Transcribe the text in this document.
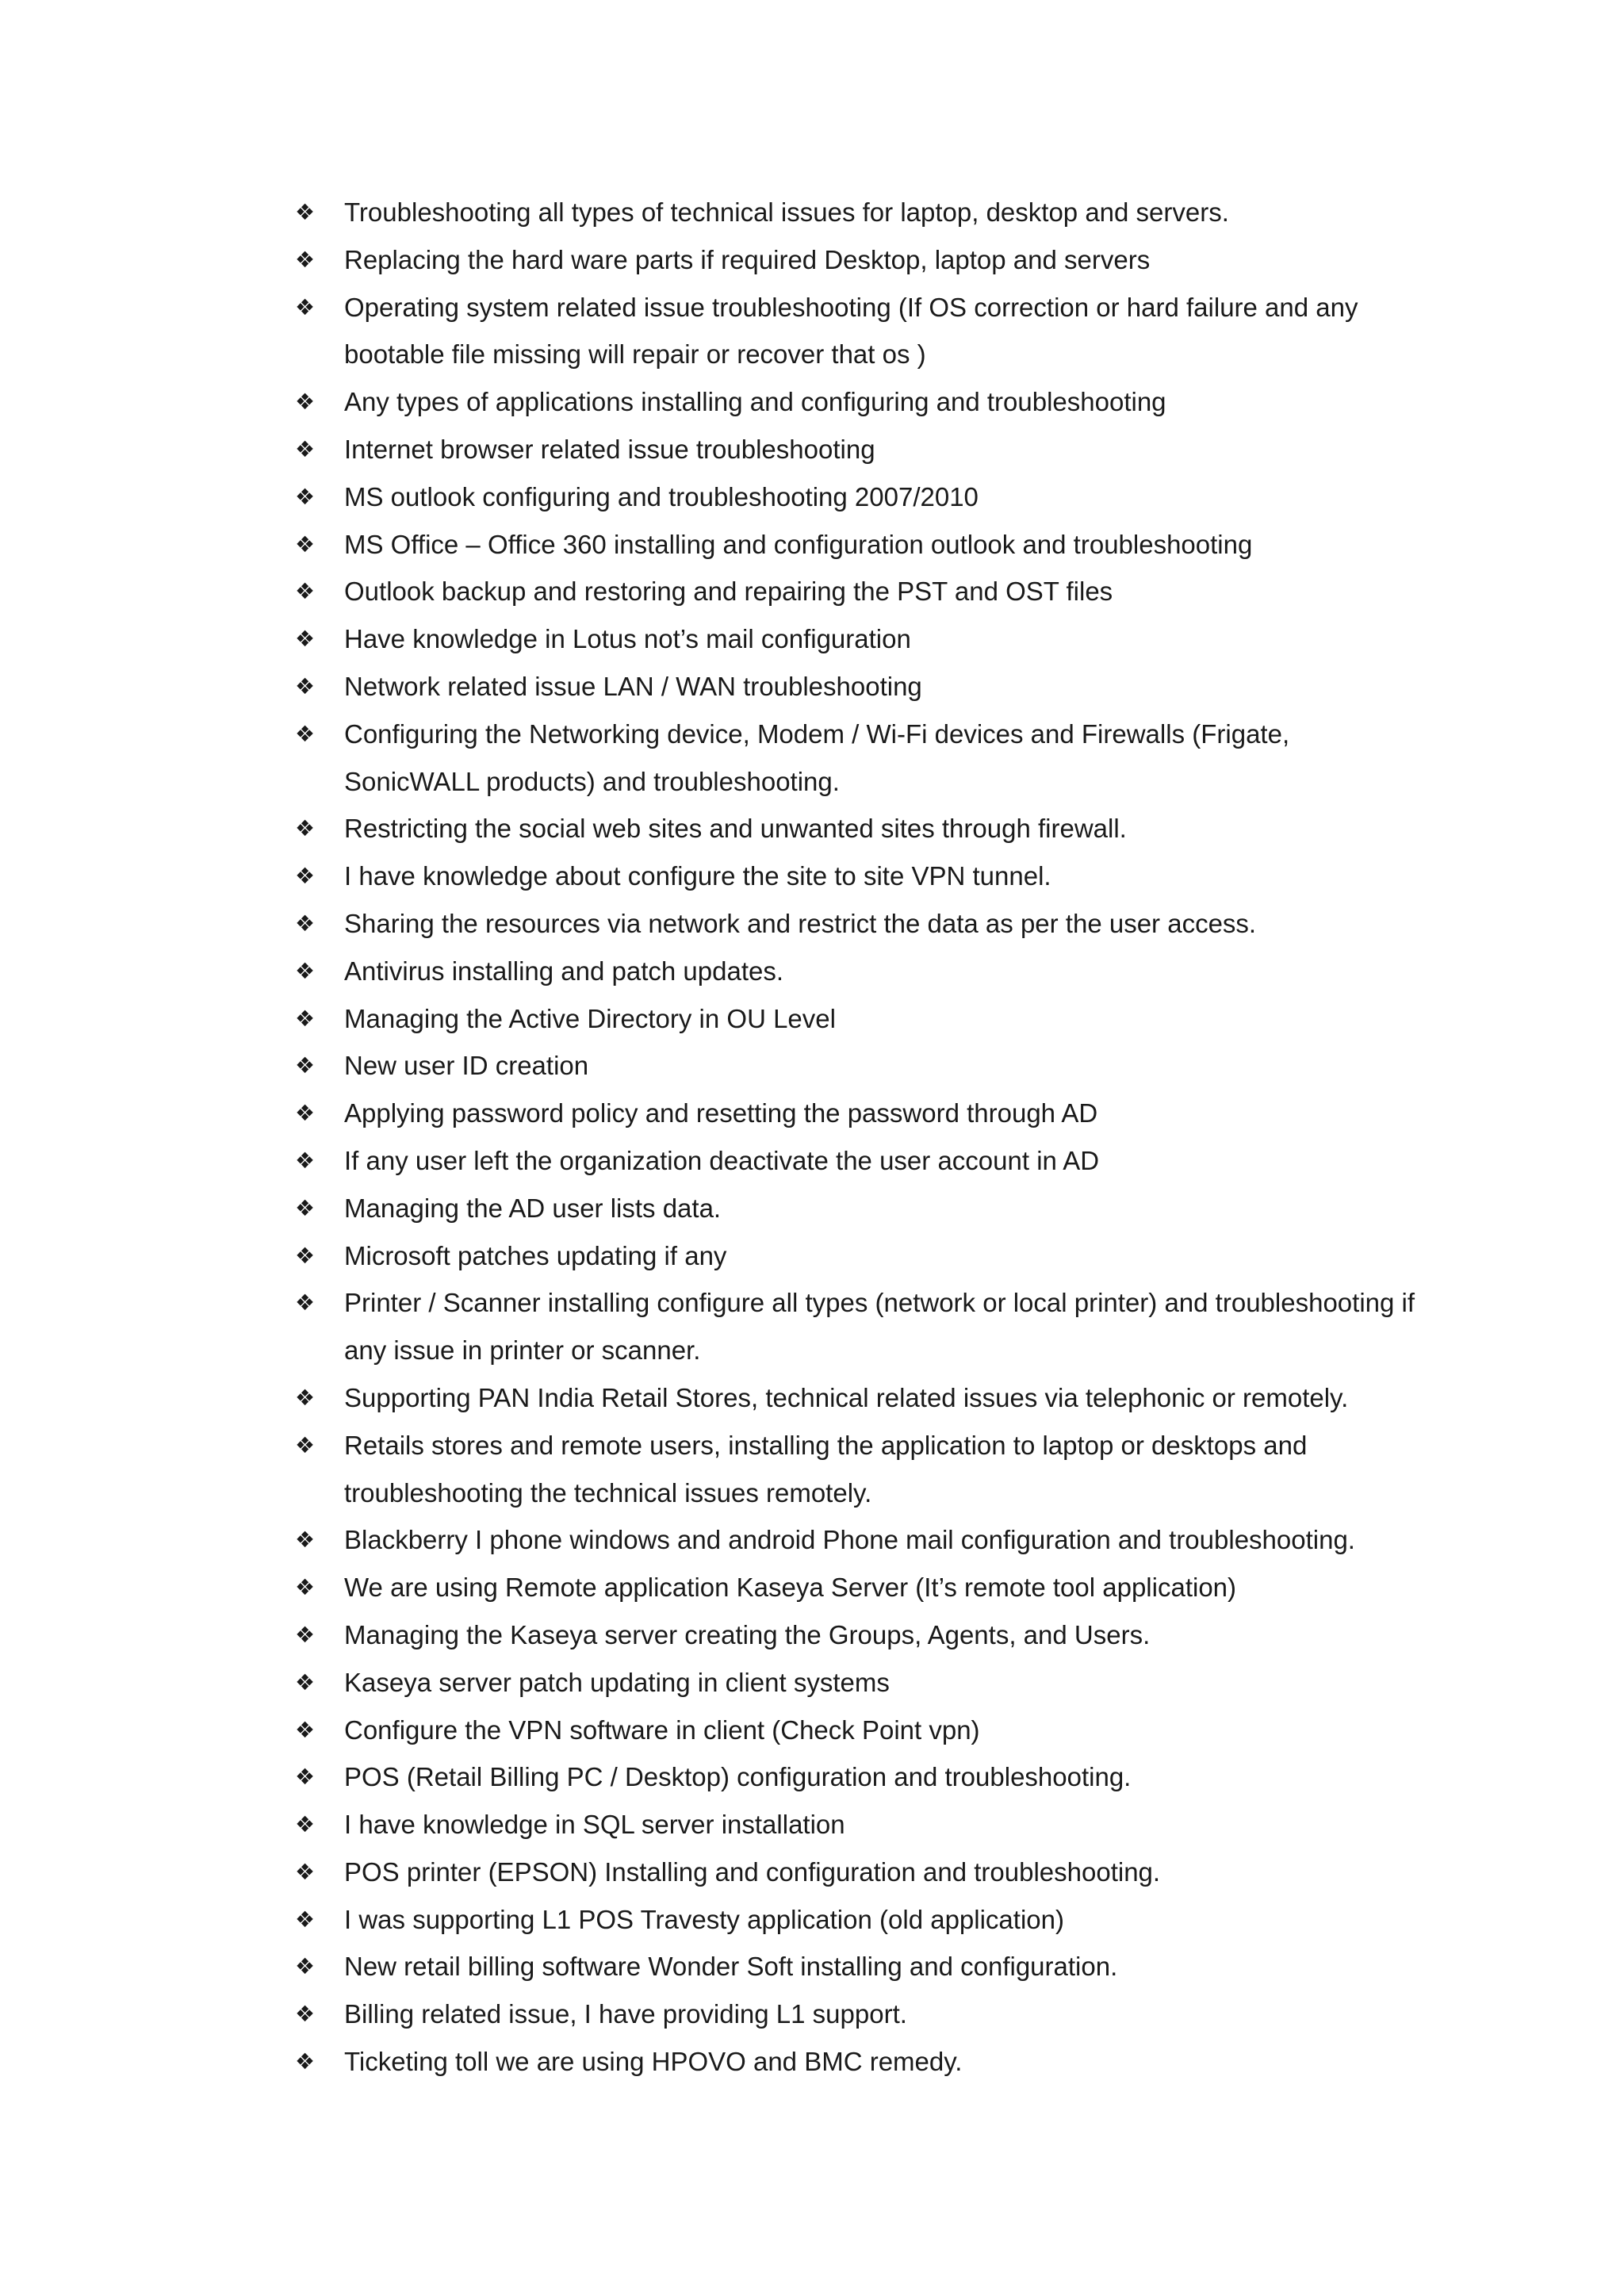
❖ Troubleshooting all types of technical issues for laptop, desktop and servers.
❖ Replacing the hard ware parts if required Desktop, laptop and servers
❖ Operating system related issue troubleshooting (If OS correction or hard failure and any bootable file missing will repair or recover that os )
❖ Any types of applications installing and configuring and troubleshooting
❖ Internet browser related issue troubleshooting
❖ MS outlook configuring and troubleshooting 2007/2010
❖ MS Office – Office 360 installing and configuration outlook and troubleshooting
❖ Outlook backup and restoring and repairing the PST and OST files
❖ Have knowledge in Lotus not’s mail configuration
❖ Network related issue LAN / WAN troubleshooting
❖ Configuring the Networking device, Modem / Wi-Fi devices and Firewalls (Frigate, SonicWALL products) and troubleshooting.
❖ Restricting the social web sites and unwanted sites through firewall.
❖ I have knowledge about configure the site to site VPN tunnel.
❖ Sharing the resources via network and restrict the data as per the user access.
❖ Antivirus installing and patch updates.
❖ Managing the Active Directory in OU Level
❖ New user ID creation
❖ Applying password policy and resetting the password through AD
❖ If any user left the organization deactivate the user account in AD
❖ Managing the AD user lists data.
❖ Microsoft patches updating if any
❖ Printer / Scanner installing configure all types (network or local printer) and troubleshooting if any issue in printer or scanner.
❖ Supporting PAN India Retail Stores, technical related issues via telephonic or remotely.
❖ Retails stores and remote users, installing the application to laptop or desktops and troubleshooting the technical issues remotely.
❖ Blackberry I phone windows and android Phone mail configuration and troubleshooting.
❖ We are using Remote application Kaseya Server (It’s remote tool application)
❖ Managing the Kaseya server creating the Groups, Agents, and Users.
❖ Kaseya server patch updating in client systems
❖ Configure the VPN software in client (Check Point vpn)
❖ POS (Retail Billing PC / Desktop) configuration and troubleshooting.
❖ I have knowledge in SQL server installation
❖ POS printer (EPSON) Installing and configuration and troubleshooting.
❖ I was supporting L1 POS Travesty application (old application)
❖ New retail billing software Wonder Soft installing and configuration.
❖ Billing related issue, I have providing L1 support.
❖ Ticketing toll we are using HPOVO and BMC remedy.
